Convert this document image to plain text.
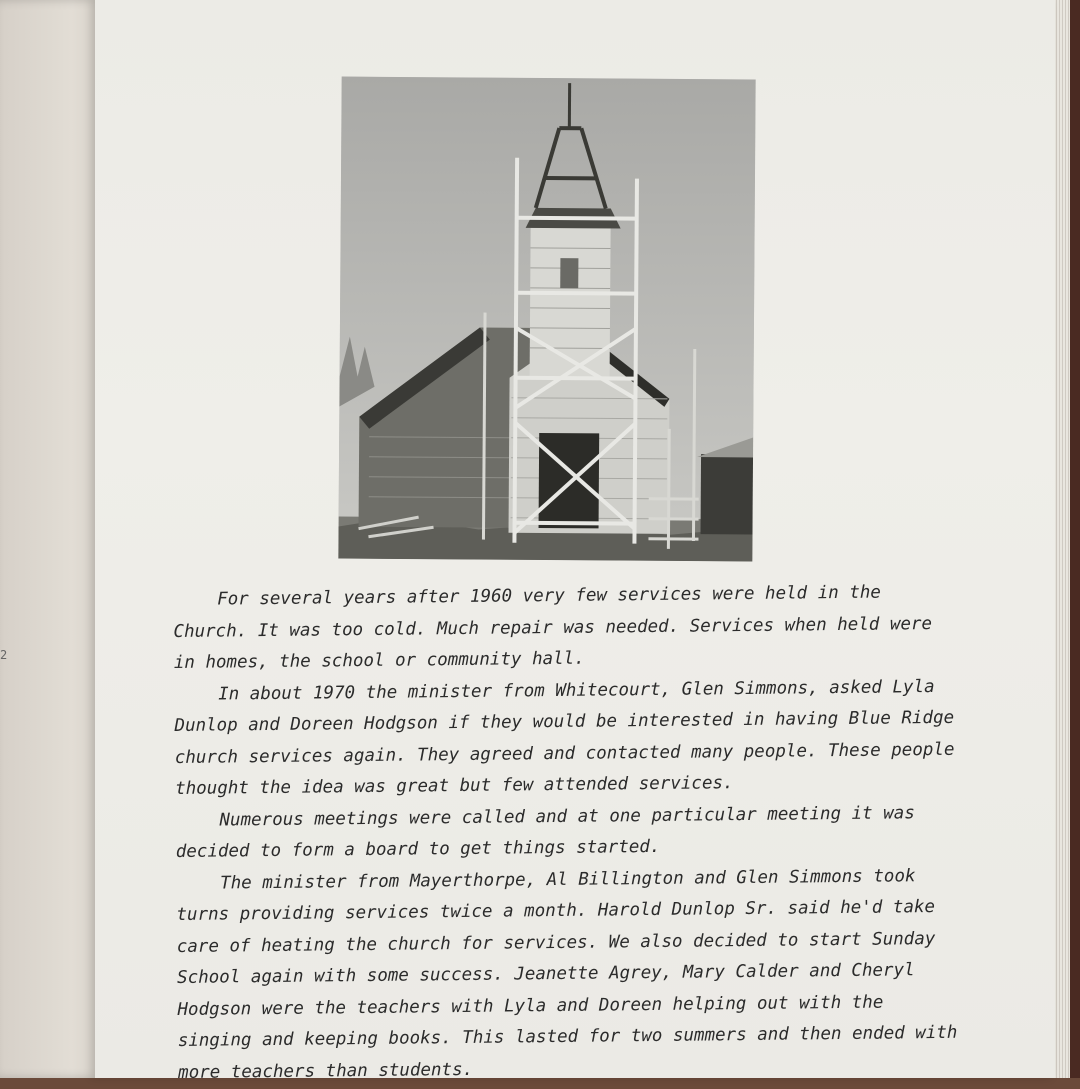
2

For several years after 1960 very few services were held in the Church. It was too cold. Much repair was needed. Services when held were in homes, the school or community hall.

In about 1970 the minister from Whitecourt, Glen Simmons, asked Lyla Dunlop and Doreen Hodgson if they would be interested in having Blue Ridge church services again. They agreed and contacted many people. These people thought the idea was great but few attended services.

Numerous meetings were called and at one particular meeting it was decided to form a board to get things started.

The minister from Mayerthorpe, Al Billington and Glen Simmons took turns providing services twice a month. Harold Dunlop Sr. said he'd take care of heating the church for services. We also decided to start Sunday School again with some success. Jeanette Agrey, Mary Calder and Cheryl Hodgson were the teachers with Lyla and Doreen helping out with the singing and keeping books. This lasted for two summers and then ended with more teachers than students.
